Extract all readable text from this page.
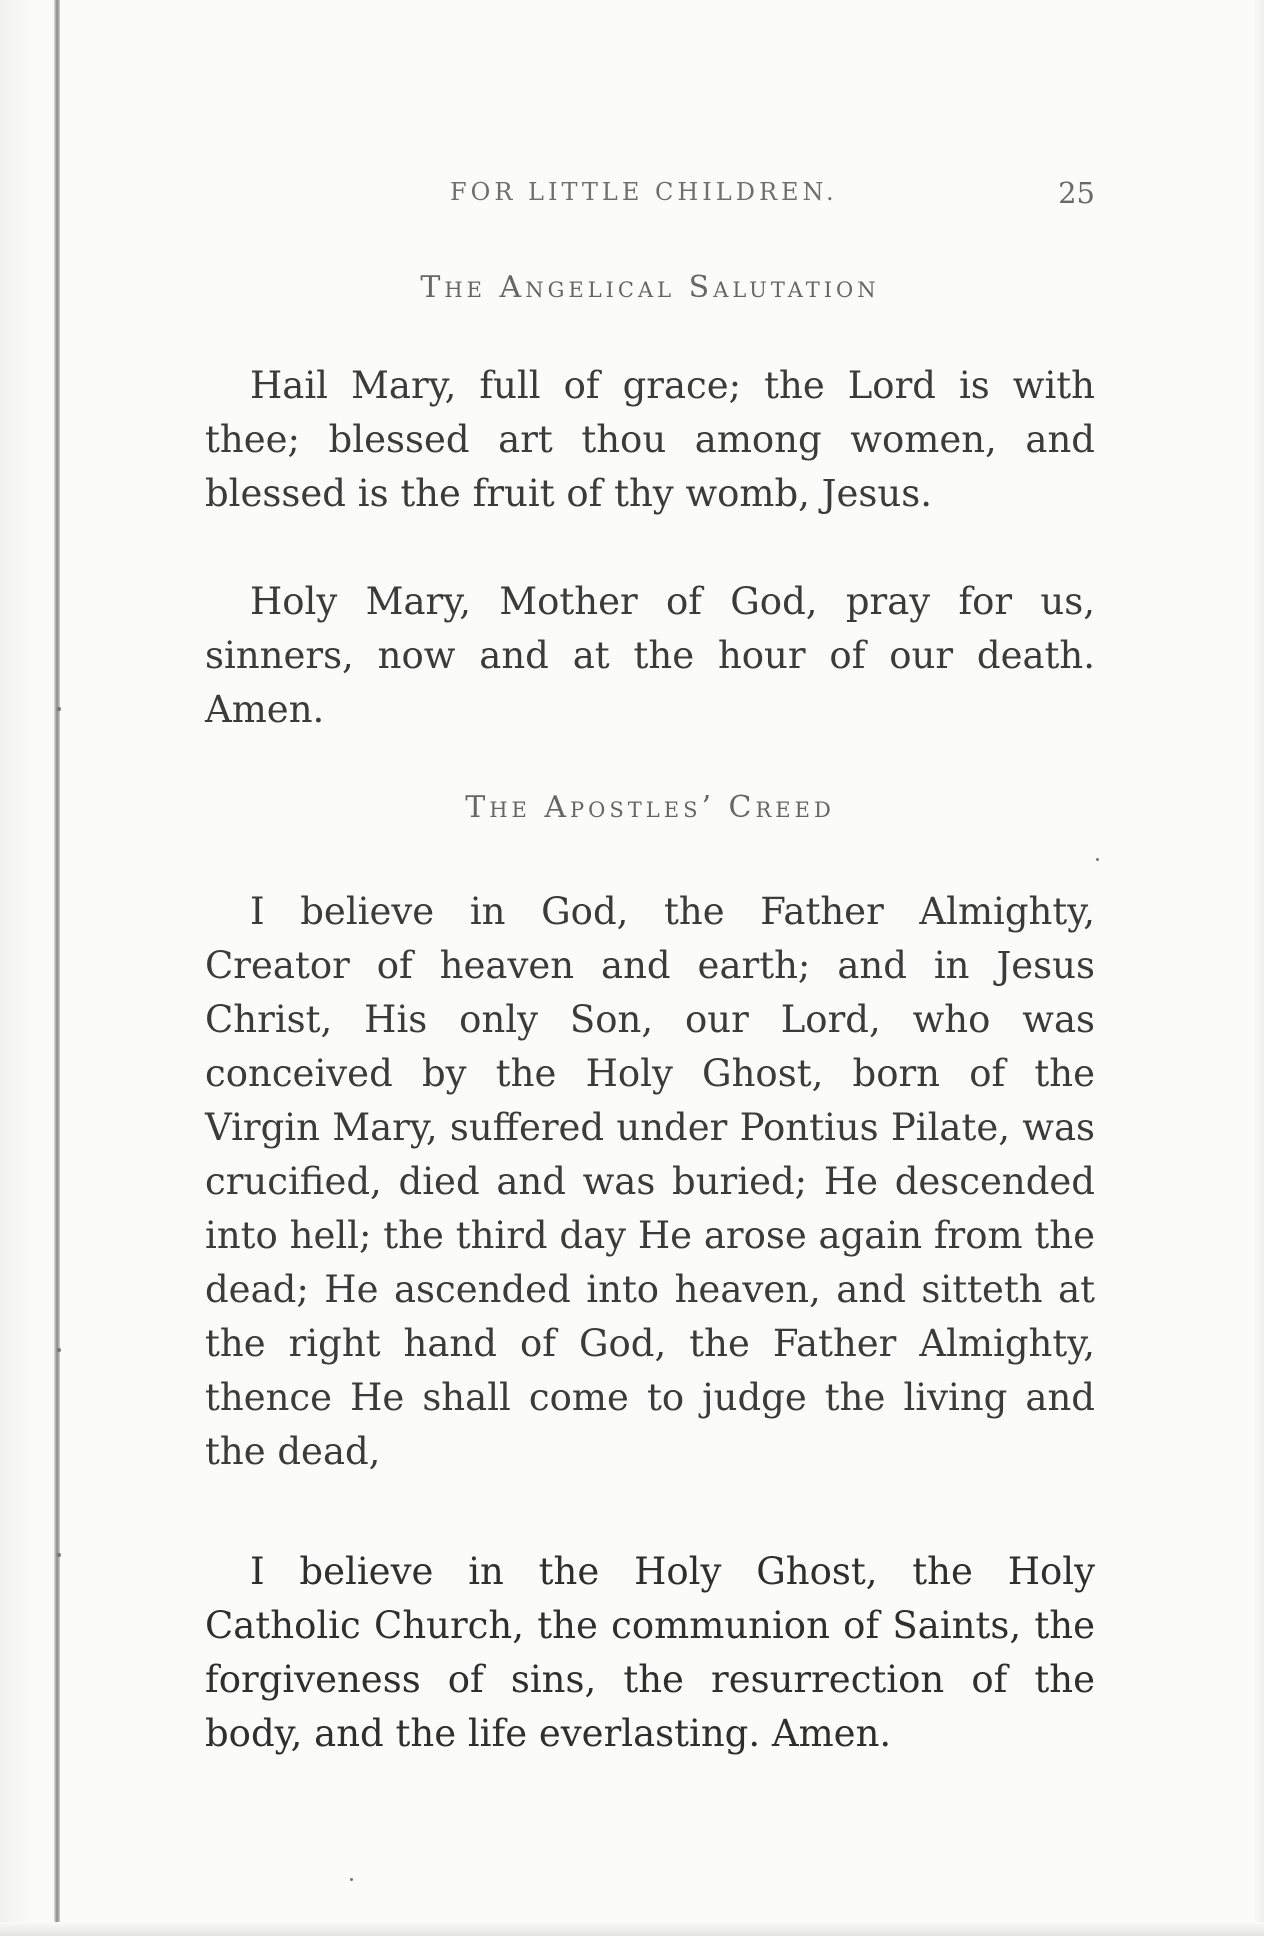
FOR LITTLE CHILDREN.	25
The Angelical Salutation

Hail Mary, full of grace; the Lord is with thee; blessed art thou among women, and blessed is the fruit of thy womb, Jesus.

Holy Mary, Mother of God, pray for us, sinners, now and at the hour of our death. Amen.

The Apostles’ Creed

I believe in God, the Father Almighty, Creator of heaven and earth; and in Jesus Christ, His only Son, our Lord, who was conceived by the Holy Ghost, born of the Virgin Mary, suffered under Pontius Pilate, was crucified, died and was buried; He descended into hell; the third day He arose again from the dead; He ascended into heaven, and sitteth at the right hand of God, the Father Almighty, thence He shall come to judge the living and the dead,

I believe in the Holy Ghost, the Holy Catholic Church, the communion of Saints, the forgiveness of sins, the resurrection of the body, and the life everlasting. Amen.
